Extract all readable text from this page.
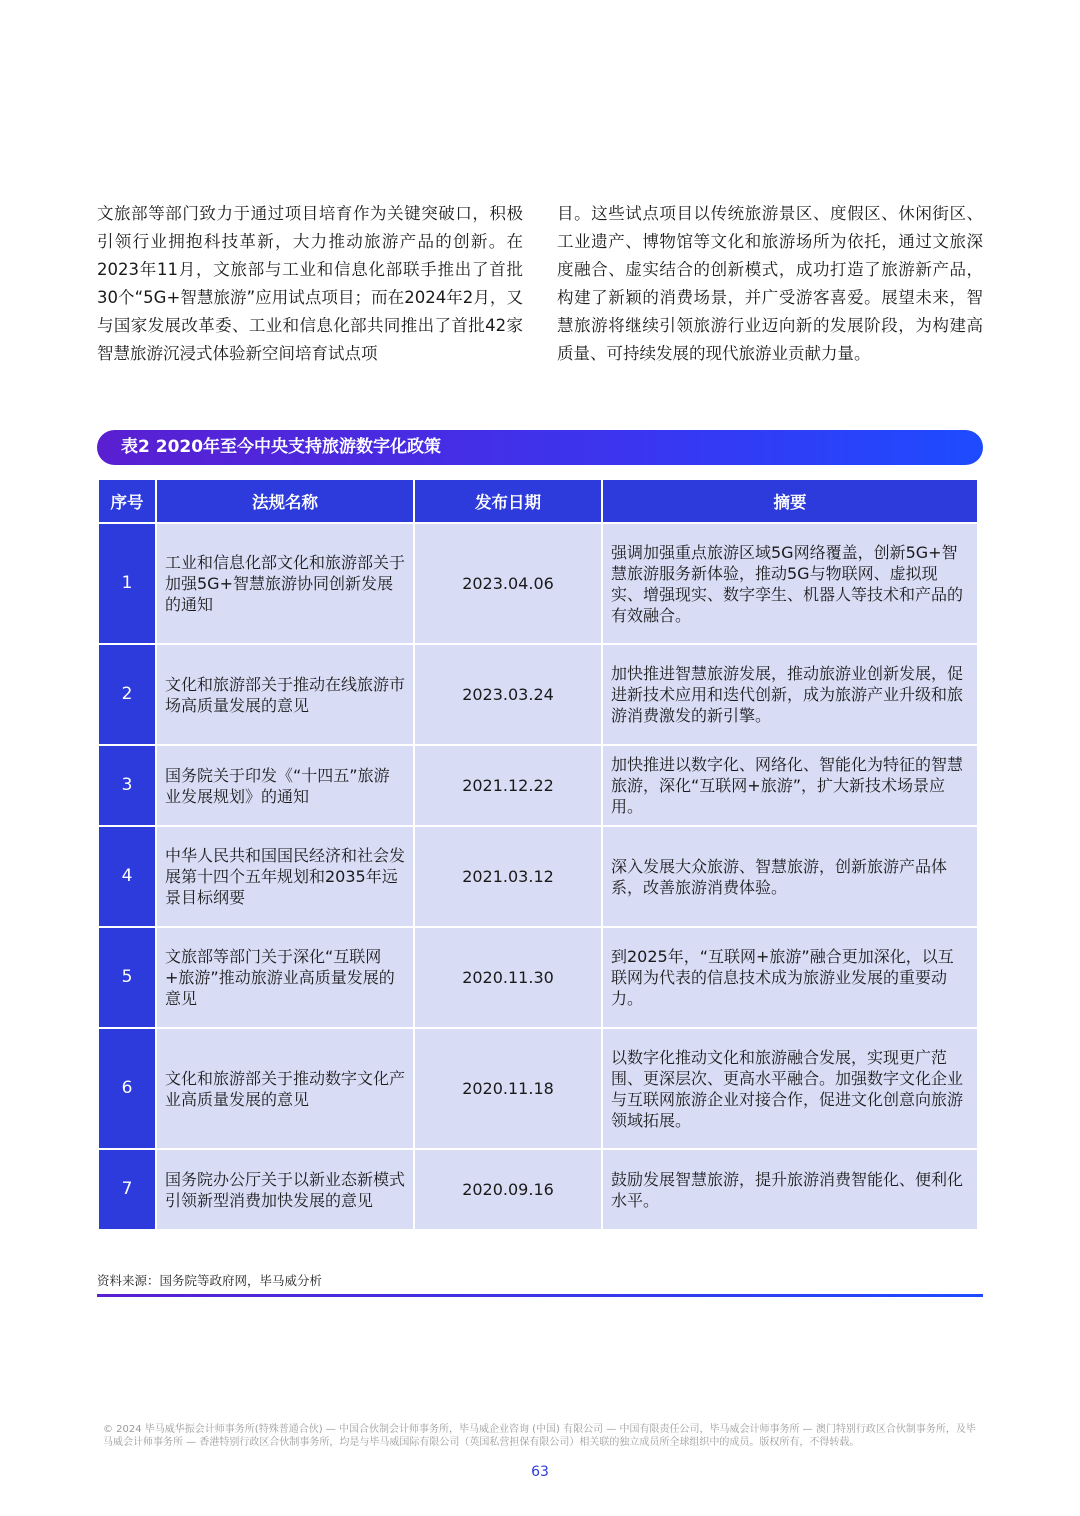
文旅部等部门致力于通过项目培育作为关键突破口，积极引领行业拥抱科技革新，大力推动旅游产品的创新。在2023年11月，文旅部与工业和信息化部联手推出了首批30个“5G+智慧旅游”应用试点项目；而在2024年2月，又与国家发展改革委、工业和信息化部共同推出了首批42家智慧旅游沉浸式体验新空间培育试点项

目。这些试点项目以传统旅游景区、度假区、休闲街区、工业遗产、博物馆等文化和旅游场所为依托，通过文旅深度融合、虚实结合的创新模式，成功打造了旅游新产品，构建了新颖的消费场景，并广受游客喜爱。展望未来，智慧旅游将继续引领旅游行业迈向新的发展阶段，为构建高质量、可持续发展的现代旅游业贡献力量。

表2 2020年至今中央支持旅游数字化政策
序号	法规名称	发布日期	摘要
1	工业和信息化部文化和旅游部关于加强5G+智慧旅游协同创新发展的通知	2023.04.06	强调加强重点旅游区域5G网络覆盖，创新5G+智慧旅游服务新体验，推动5G与物联网、虚拟现实、增强现实、数字孪生、机器人等技术和产品的有效融合。
2	文化和旅游部关于推动在线旅游市场高质量发展的意见	2023.03.24	加快推进智慧旅游发展，推动旅游业创新发展，促进新技术应用和迭代创新，成为旅游产业升级和旅游消费激发的新引擎。
3	国务院关于印发《“十四五”旅游业发展规划》的通知	2021.12.22	加快推进以数字化、网络化、智能化为特征的智慧旅游，深化“互联网+旅游”，扩大新技术场景应用。
4	中华人民共和国国民经济和社会发展第十四个五年规划和2035年远景目标纲要	2021.03.12	深入发展大众旅游、智慧旅游，创新旅游产品体系，改善旅游消费体验。
5	文旅部等部门关于深化“互联网+旅游”推动旅游业高质量发展的意见	2020.11.30	到2025年，“互联网+旅游”融合更加深化，以互联网为代表的信息技术成为旅游业发展的重要动力。
6	文化和旅游部关于推动数字文化产业高质量发展的意见	2020.11.18	以数字化推动文化和旅游融合发展，实现更广范围、更深层次、更高水平融合。加强数字文化企业与互联网旅游企业对接合作，促进文化创意向旅游领域拓展。
7	国务院办公厅关于以新业态新模式引领新型消费加快发展的意见	2020.09.16	鼓励发展智慧旅游，提升旅游消费智能化、便利化水平。
资料来源：国务院等政府网，毕马威分析
© 2024 毕马威华振会计师事务所(特殊普通合伙) — 中国合伙制会计师事务所，毕马威企业咨询 (中国) 有限公司 — 中国有限责任公司，毕马威会计师事务所 — 澳门特别行政区合伙制事务所，及毕马威会计师事务所 — 香港特别行政区合伙制事务所，均是与毕马威国际有限公司（英国私营担保有限公司）相关联的独立成员所全球组织中的成员。版权所有，不得转载。
63
